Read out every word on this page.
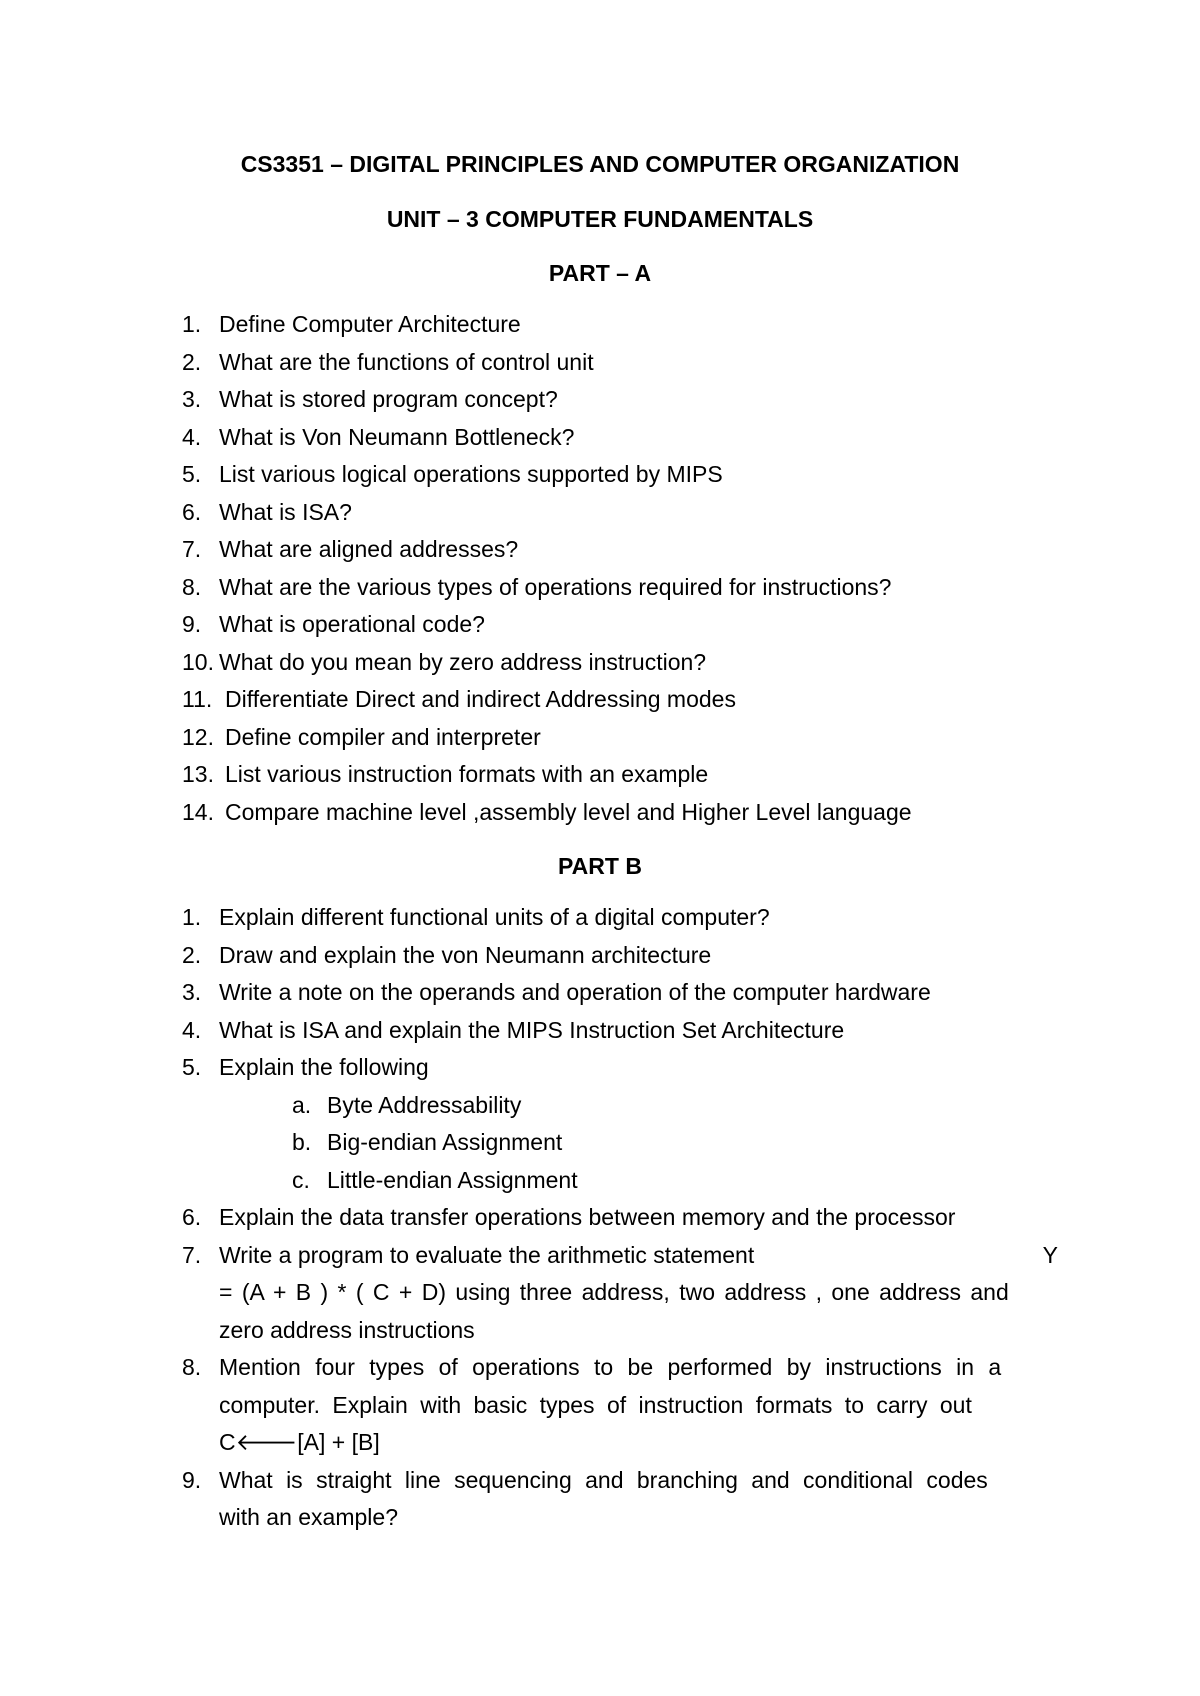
CS3351 – DIGITAL PRINCIPLES AND COMPUTER ORGANIZATION
UNIT – 3 COMPUTER FUNDAMENTALS
PART – A
1. Define Computer Architecture
2. What are the functions of control unit
3. What is stored program concept?
4. What is Von Neumann Bottleneck?
5. List various logical operations supported by MIPS
6. What is ISA?
7. What are aligned addresses?
8. What are the various types of operations required for instructions?
9. What is operational code?
10. What do you mean by zero address instruction?
11. Differentiate Direct and indirect Addressing modes
12. Define compiler and interpreter
13. List various instruction formats with an example
14. Compare machine level ,assembly level and Higher Level language
PART B
1. Explain different functional units of a digital computer?
2. Draw and explain the von Neumann architecture
3. Write a note on the operands and operation of the computer hardware
4. What is ISA and explain the MIPS Instruction Set Architecture
5. Explain the following
a. Byte Addressability
b. Big-endian Assignment
c. Little-endian Assignment
6. Explain the data transfer operations between memory and the processor
7. Write a program to evaluate the arithmetic statement	Y
= (A + B ) * ( C + D) using three address, two address , one address and
zero address instructions
8. Mention four types of operations to be performed by instructions in a
computer. Explain with basic types of instruction formats to carry out
C🡐[A] + [B]
9. What is straight line sequencing and branching and conditional codes
with an example?
